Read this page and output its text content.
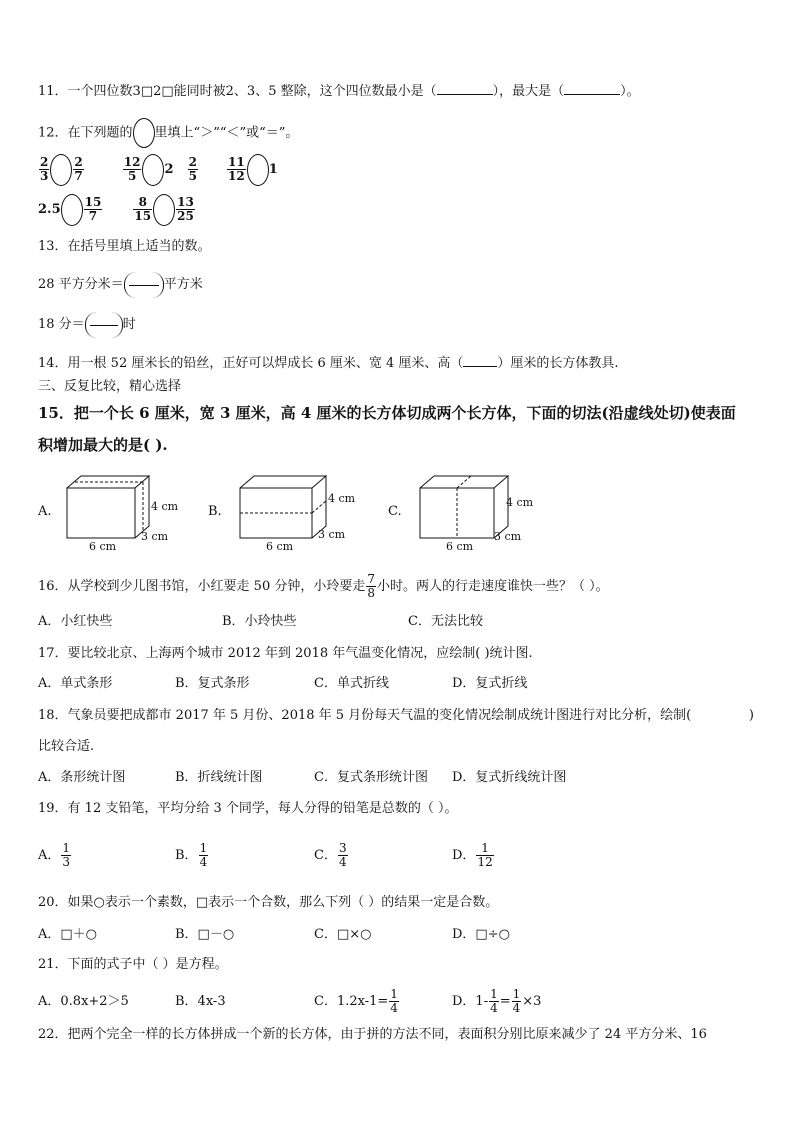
11．一个四位数3□2□能同时被2、3、5 整除，这个四位数最小是（	），最大是（	）。
12．在下列题的 里填上“＞”“＜”或“＝”。
$\frac{2}{3} \frac{2}{7}$
	$\frac{12}{5} 2 \frac{2}{5}$
$\frac{11}{12} 1$
$2.5 \frac{15}{7}$
	$\frac{8}{15} \frac{13}{25}$
13．在括号里填上适当的数。
28 平方分米＝	平方米
18 分＝	时
14．用一根 52 厘米长的铅丝，正好可以焊成长 6 厘米、宽 4 厘米、高（	）厘米的长方体教具.
三、反复比较，精心选择
15．把一个长 6 厘米，宽 3 厘米，高 4 厘米的长方体切成两个长方体，下面的切法(沿虚线处切)使表面
积增加最大的是( ).
A.	B.	C.
4 cm
3 cm
6 cm
4 cm
3 cm
6 cm
4 cm
3 cm
6 cm
16．从学校到少儿图书馆，小红要走 50 分钟，小玲要走 $\frac{7}{8}$ 小时。两人的行走速度谁快一些？（ ）。
A．小红快些	B．小玲快些	C．无法比较
17．要比较北京、上海两个城市 2012 年到 2018 年气温变化情况，应绘制( )统计图.
A．单式条形	B．复式条形	C．单式折线	D．复式折线
18．气象员要把成都市 2017 年 5 月份、2018 年 5 月份每天气温的变化情况绘制成统计图进行对比分析，绘制(	)
比较合适.
A．条形统计图	B．折线统计图	C．复式条形统计图 D．复式折线统计图
19．有 12 支铅笔，平均分给 3 个同学，每人分得的铅笔是总数的（ ）。
A． $\frac{1}{3}$	B． $\frac{1}{4}$	C． $\frac{3}{4}$	D． $\frac{1}{12}$
20．如果○表示一个素数，□表示一个合数，那么下列（ ）的结果一定是合数。
A．□＋○	B．□－○	C．□×○	D．□÷○
21．下面的式子中（ ）是方程。
A．0.8x+2＞5	B．4x-3	C．$1.2x-1= \frac{1}{4}$	D．$1- \frac{1}{4} = \frac{1}{4} \times 3$
22．把两个完全一样的长方体拼成一个新的长方体，由于拼的方法不同，表面积分别比原来减少了 24 平方分米、16
